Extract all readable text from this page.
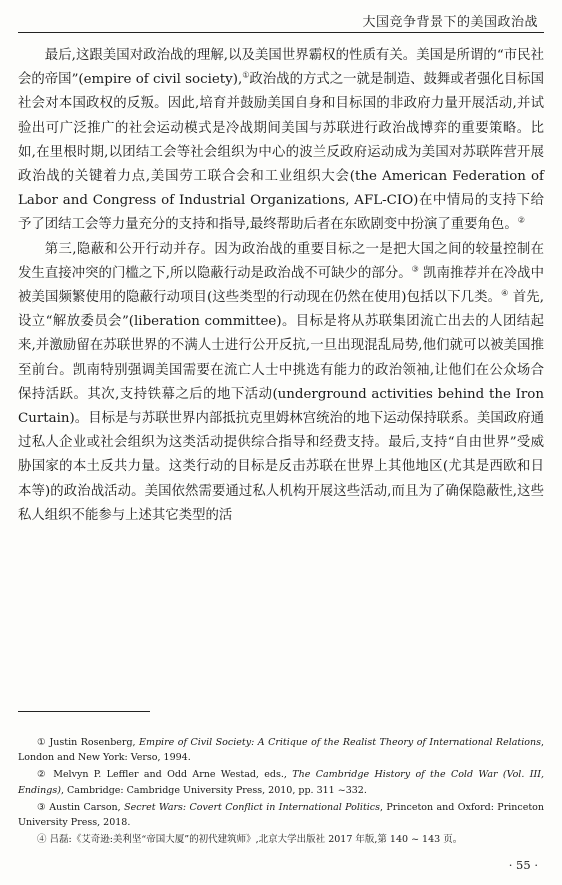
大国竞争背景下的美国政治战

最后,这跟美国对政治战的理解,以及美国世界霸权的性质有关。美国是所谓的“市民社会的帝国”(empire of civil society),①政治战的方式之一就是制造、鼓舞或者强化目标国社会对本国政权的反叛。因此,培育并鼓励美国自身和目标国的非政府力量开展活动,并试验出可广泛推广的社会运动模式是冷战期间美国与苏联进行政治战博弈的重要策略。比如,在里根时期,以团结工会等社会组织为中心的波兰反政府运动成为美国对苏联阵营开展政治战的关键着力点,美国劳工联合会和工业组织大会(the American Federation of Labor and Congress of Industrial Organizations, AFL-CIO)在中情局的支持下给予了团结工会等力量充分的支持和指导,最终帮助后者在东欧剧变中扮演了重要角色。②

第三,隐蔽和公开行动并存。因为政治战的重要目标之一是把大国之间的较量控制在发生直接冲突的门槛之下,所以隐蔽行动是政治战不可缺少的部分。③ 凯南推荐并在冷战中被美国频繁使用的隐蔽行动项目(这些类型的行动现在仍然在使用)包括以下几类。④ 首先,设立“解放委员会”(liberation committee)。目标是将从苏联集团流亡出去的人团结起来,并激励留在苏联世界的不满人士进行公开反抗,一旦出现混乱局势,他们就可以被美国推至前台。凯南特别强调美国需要在流亡人士中挑选有能力的政治领袖,让他们在公众场合保持活跃。其次,支持铁幕之后的地下活动(underground activities behind the Iron Curtain)。目标是与苏联世界内部抵抗克里姆林宫统治的地下运动保持联系。美国政府通过私人企业或社会组织为这类活动提供综合指导和经费支持。最后,支持“自由世界”受威胁国家的本土反共力量。这类行动的目标是反击苏联在世界上其他地区(尤其是西欧和日本等)的政治战活动。美国依然需要通过私人机构开展这些活动,而且为了确保隐蔽性,这些私人组织不能参与上述其它类型的活

① Justin Rosenberg, Empire of Civil Society: A Critique of the Realist Theory of International Relations, London and New York: Verso, 1994.

② Melvyn P. Leffler and Odd Arne Westad, eds., The Cambridge History of the Cold War (Vol. III, Endings), Cambridge: Cambridge University Press, 2010, pp. 311 ~332.

③ Austin Carson, Secret Wars: Covert Conflict in International Politics, Princeton and Oxford: Princeton University Press, 2018.

④ 吕磊:《艾奇逊:美利坚“帝国大厦”的初代建筑师》,北京大学出版社 2017 年版,第 140 ~ 143 页。

· 55 ·
